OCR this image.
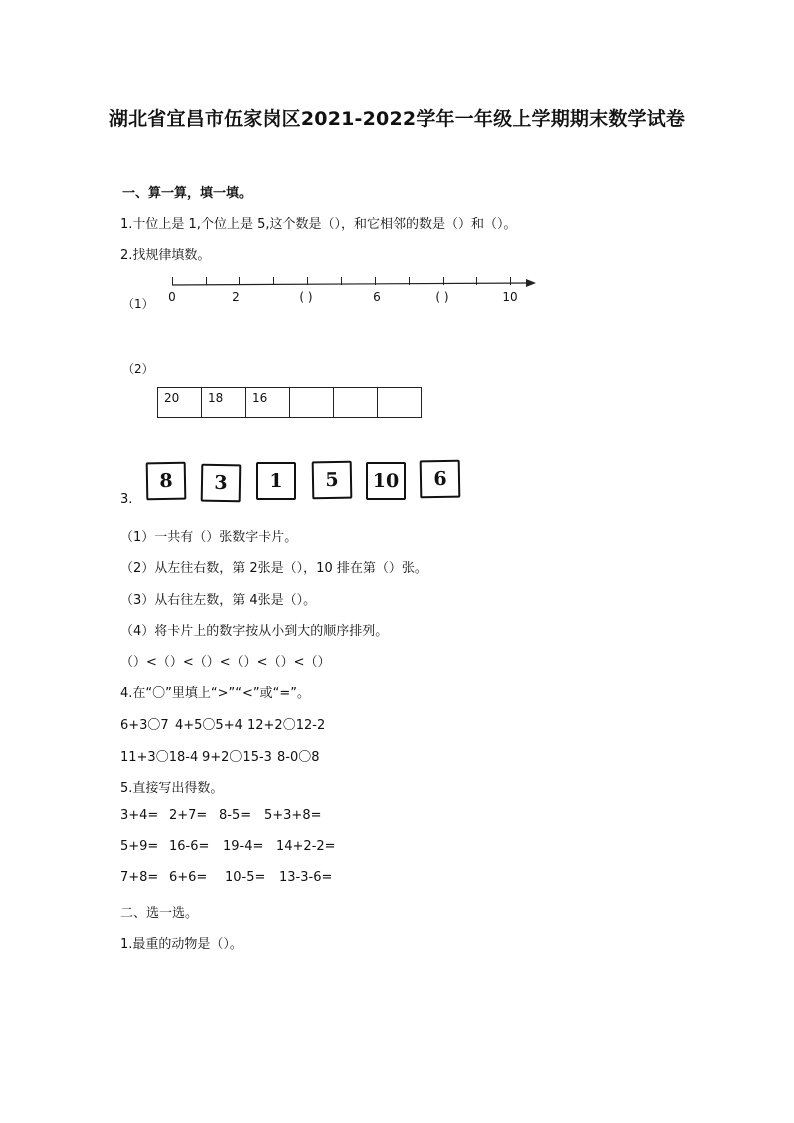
湖北省宜昌市伍家岗区2021-2022学年一年级上学期期末数学试卷
一、算一算，填一填。
1.十位上是 1,个位上是 5,这个数是（），和它相邻的数是（）和（）。
2.找规律填数。
（1） 0	2	( )	6	( )	10
（2）
20	18	16			
3.
8	3	1	5	10	6
（1）一共有（）张数字卡片。
（2）从左往右数，第 2张是（），10 排在第（）张。
（3）从右往左数，第 4张是（）。
（4）将卡片上的数字按从小到大的顺序排列。
（）<（）<（）<（）<（）<（）
4.在“〇”里填上“>”“<”或“=”。
6+3〇7 4+5〇5+4 12+2〇12-2
11+3〇18-4 9+2〇15-3 8-0〇8
5.直接写出得数。
3+4= 2+7= 8-5= 5+3+8=
5+9= 16-6=	19-4= 14+2-2=
7+8= 6+6=	10-5=	13-3-6=
二、选一选。
1.最重的动物是（）。
